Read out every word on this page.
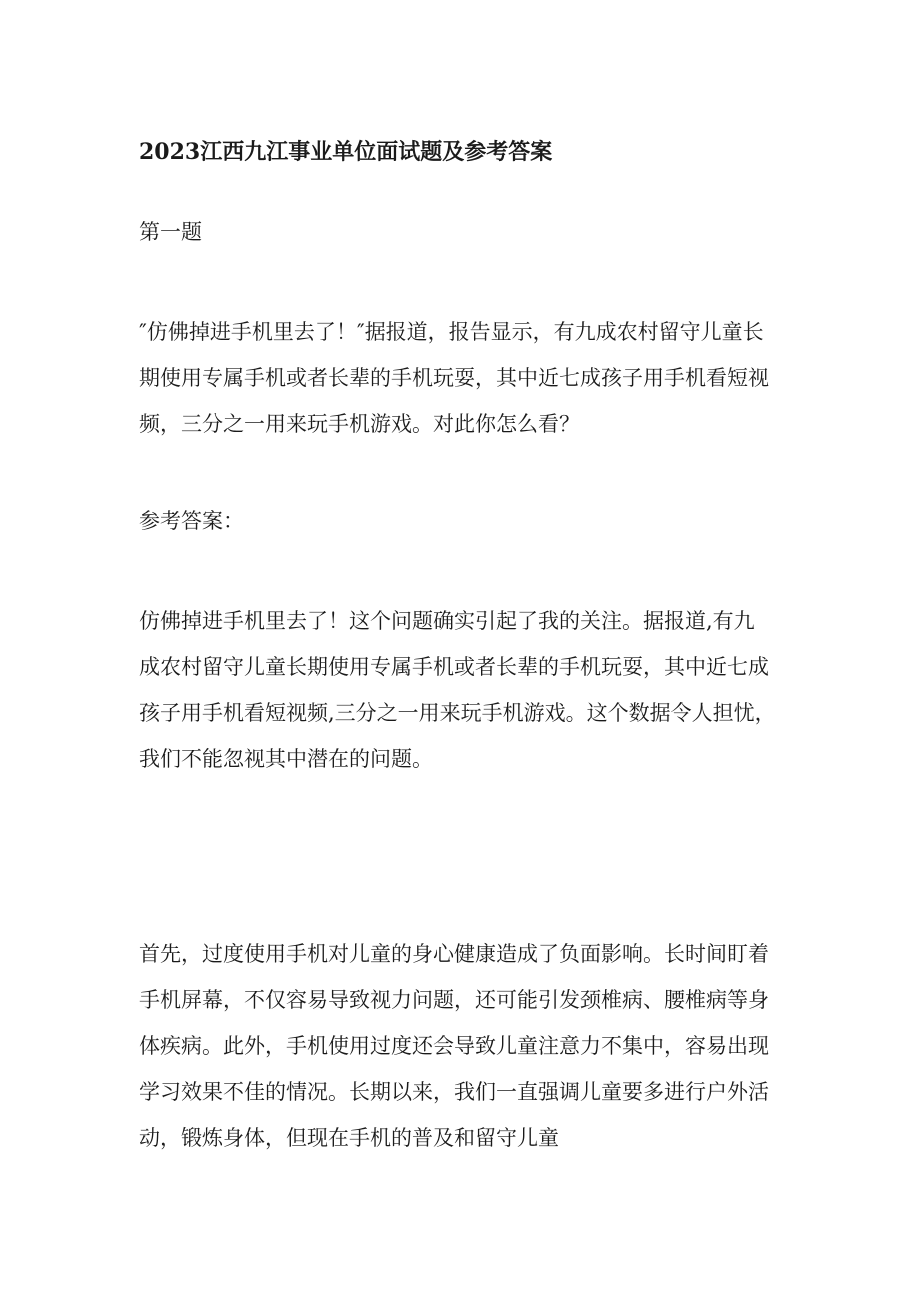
2023江西九江事业单位面试题及参考答案
第一题
″仿佛掉进手机里去了！″据报道，报告显示，有九成农村留守儿童长
期使用专属手机或者长辈的手机玩耍，其中近七成孩子用手机看短视
频，三分之一用来玩手机游戏。对此你怎么看？
参考答案：
仿佛掉进手机里去了！这个问题确实引起了我的关注。据报道,有九
成农村留守儿童长期使用专属手机或者长辈的手机玩耍，其中近七成
孩子用手机看短视频,三分之一用来玩手机游戏。这个数据令人担忧，
我们不能忽视其中潜在的问题。
首先，过度使用手机对儿童的身心健康造成了负面影响。长时间盯着
手机屏幕，不仅容易导致视力问题，还可能引发颈椎病、腰椎病等身
体疾病。此外，手机使用过度还会导致儿童注意力不集中，容易出现
学习效果不佳的情况。长期以来，我们一直强调儿童要多进行户外活
动，锻炼身体，但现在手机的普及和留守儿童
